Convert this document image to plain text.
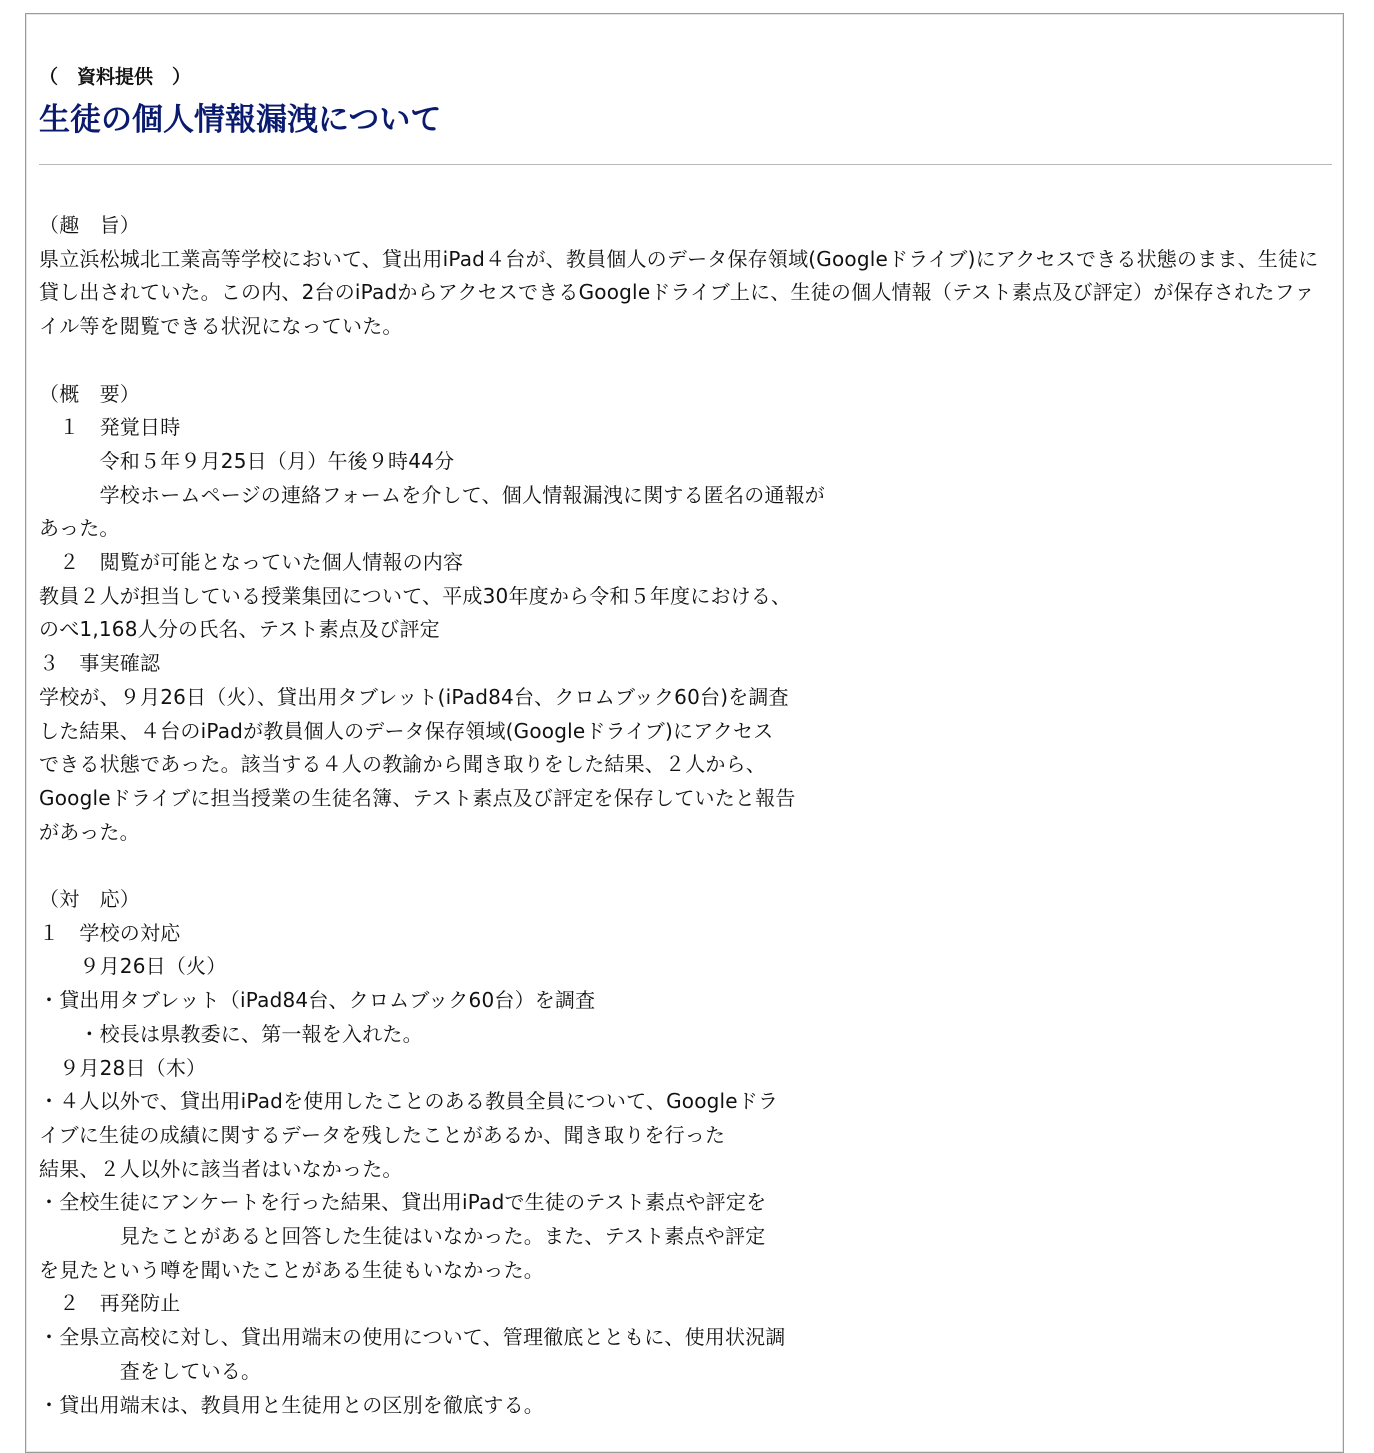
（　資料提供　）
生徒の個人情報漏洩について

（趣　旨）

県立浜松城北工業高等学校において、貸出用iPad４台が、教員個人のデータ保存領域(Googleドライブ)にアクセスできる状態のまま、生徒に貸し出されていた。この内、2台のiPadからアクセスできるGoogleドライブ上に、生徒の個人情報（テスト素点及び評定）が保存されたファイル等を閲覧できる状況になっていた。

（概　要）

　１　発覚日時

　　　令和５年９月25日（月）午後９時44分

　　　学校ホームページの連絡フォームを介して、個人情報漏洩に関する匿名の通報が

あった。

　２　閲覧が可能となっていた個人情報の内容

教員２人が担当している授業集団について、平成30年度から令和５年度における、

のべ1,168人分の氏名、テスト素点及び評定

３　事実確認

学校が、９月26日（火）、貸出用タブレット(iPad84台、クロムブック60台)を調査

した結果、４台のiPadが教員個人のデータ保存領域(Googleドライブ)にアクセス

できる状態であった。該当する４人の教諭から聞き取りをした結果、２人から、

Googleドライブに担当授業の生徒名簿、テスト素点及び評定を保存していたと報告

があった。

（対　応）

１　学校の対応

　　９月26日（火）

・貸出用タブレット（iPad84台、クロムブック60台）を調査

　　・校長は県教委に、第一報を入れた。

　９月28日（木）

・４人以外で、貸出用iPadを使用したことのある教員全員について、Googleドラ

イブに生徒の成績に関するデータを残したことがあるか、聞き取りを行った

結果、２人以外に該当者はいなかった。

・全校生徒にアンケートを行った結果、貸出用iPadで生徒のテスト素点や評定を

　　　　見たことがあると回答した生徒はいなかった。また、テスト素点や評定

を見たという噂を聞いたことがある生徒もいなかった。

　２　再発防止

・全県立高校に対し、貸出用端末の使用について、管理徹底とともに、使用状況調

　　　　査をしている。

・貸出用端末は、教員用と生徒用との区別を徹底する。
